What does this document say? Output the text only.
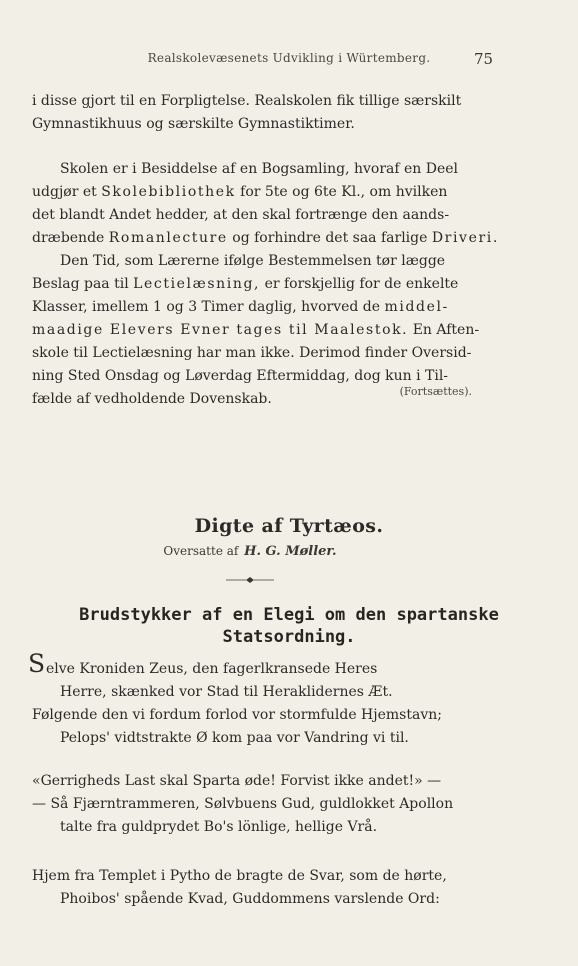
Realskolevæsenets Udvikling i Würtemberg.	75
i disse gjort til en Forpligtelse. Realskolen fik tillige særskilt
Gymnastikhuus og særskilte Gymnastiktimer.
Skolen er i Besiddelse af en Bogsamling, hvoraf en Deel
udgjør et Skolebibliothek for 5te og 6te Kl., om hvilken
det blandt Andet hedder, at den skal fortrænge den aands-
dræbende Romanlecture og forhindre det saa farlige Driveri.
Den Tid, som Lærerne ifølge Bestemmelsen tør lægge
Beslag paa til Lectielæsning, er forskjellig for de enkelte
Klasser, imellem 1 og 3 Timer daglig, hvorved de middel-
maadige Elevers Evner tages til Maalestok. En Aften-
skole til Lectielæsning har man ikke. Derimod finder Oversid-
ning Sted Onsdag og Løverdag Eftermiddag, dog kun i Til-
fælde af vedholdende Dovenskab.	(Fortsættes).
Digte af Tyrtæos.
Oversatte af H. G. Møller.
Brudstykker af en Elegi om den spartanske
Statsordning.
S elve Kroniden Zeus, den fagerlkransede Heres
Herre, skænked vor Stad til Heraklidernes Æt.
Følgende den vi fordum forlod vor stormfulde Hjemstavn;
Pelops' vidtstrakte Ø kom paa vor Vandring vi til.
«Gerrigheds Last skal Sparta øde! Forvist ikke andet!» —
— Så Fjærntrammeren, Sølvbuens Gud, guldlokket Apollon
talte fra guldprydet Bo's lönlige, hellige Vrå.
Hjem fra Templet i Pytho de bragte de Svar, som de hørte,
Phoibos' spående Kvad, Guddommens varslende Ord:
